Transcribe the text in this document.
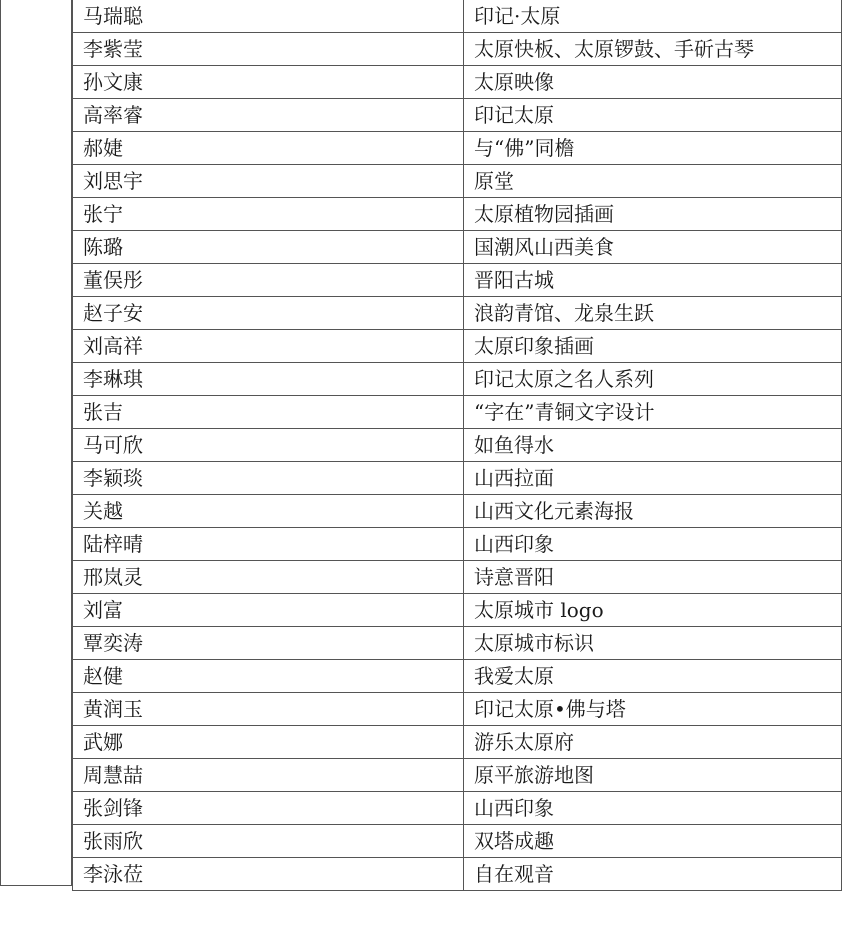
马瑞聪	印记·太原
李紫莹	太原快板、太原锣鼓、手斫古琴
孙文康	太原映像
高率睿	印记太原
郝婕	与“佛”同檐
刘思宇	原堂
张宁	太原植物园插画
陈璐	国潮风山西美食
董俣彤	晋阳古城
赵子安	浪韵青馆、龙泉生跃
刘高祥	太原印象插画
李琳琪	印记太原之名人系列
张吉	“字在”青铜文字设计
马可欣	如鱼得水
李颖琰	山西拉面
关越	山西文化元素海报
陆梓晴	山西印象
邢岚灵	诗意晋阳
刘富	太原城市 logo
覃奕涛	太原城市标识
赵健	我爱太原
黄润玉	印记太原•佛与塔
武娜	游乐太原府
周慧喆	原平旅游地图
张剑锋	山西印象
张雨欣	双塔成趣
李泳莅	自在观音
